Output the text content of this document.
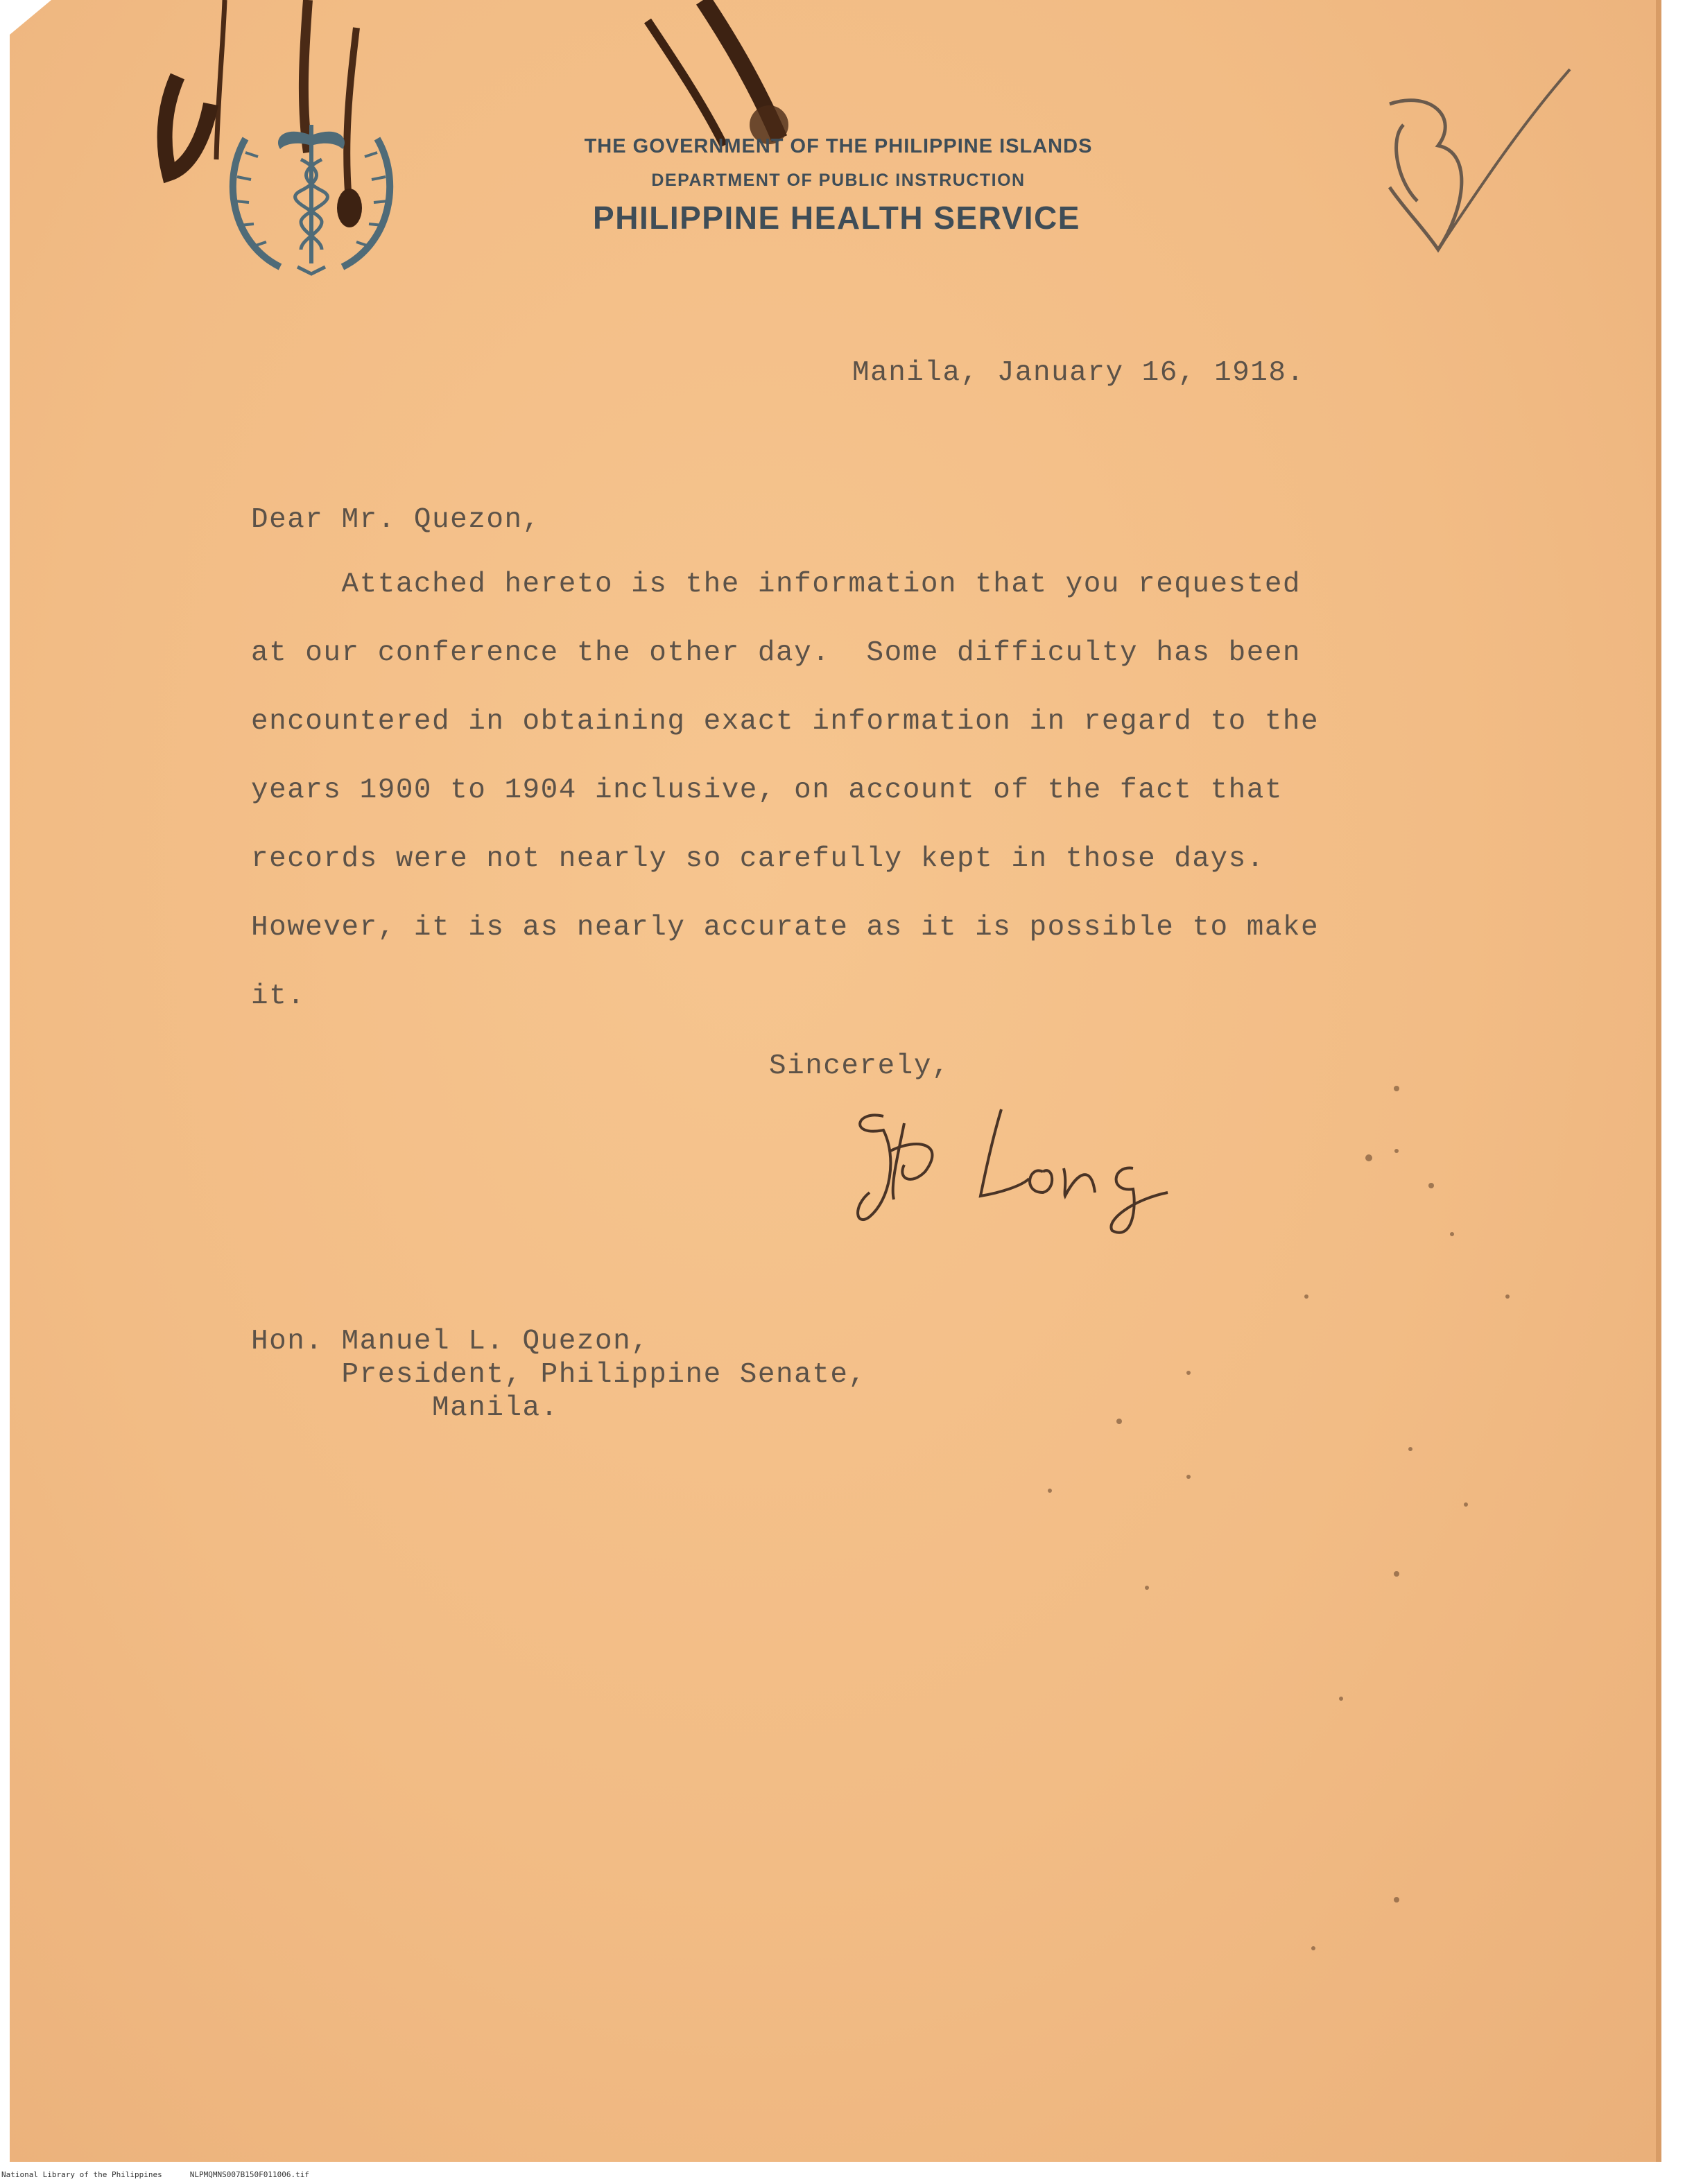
THE GOVERNMENT OF THE PHILIPPINE ISLANDS
DEPARTMENT OF PUBLIC INSTRUCTION
PHILIPPINE HEALTH SERVICE
Manila, January 16, 1918.
Dear Mr. Quezon,
Attached hereto is the information that you requested
at our conference the other day.  Some difficulty has been
encountered in obtaining exact information in regard to the
years 1900 to 1904 inclusive, on account of the fact that
records were not nearly so carefully kept in those days.
However, it is as nearly accurate as it is possible to make
it.
Sincerely,
Hon. Manuel L. Quezon,
President, Philippine Senate,
Manila.
National Library of the Philippines	NLPMQMNS007B150F011006.tif
